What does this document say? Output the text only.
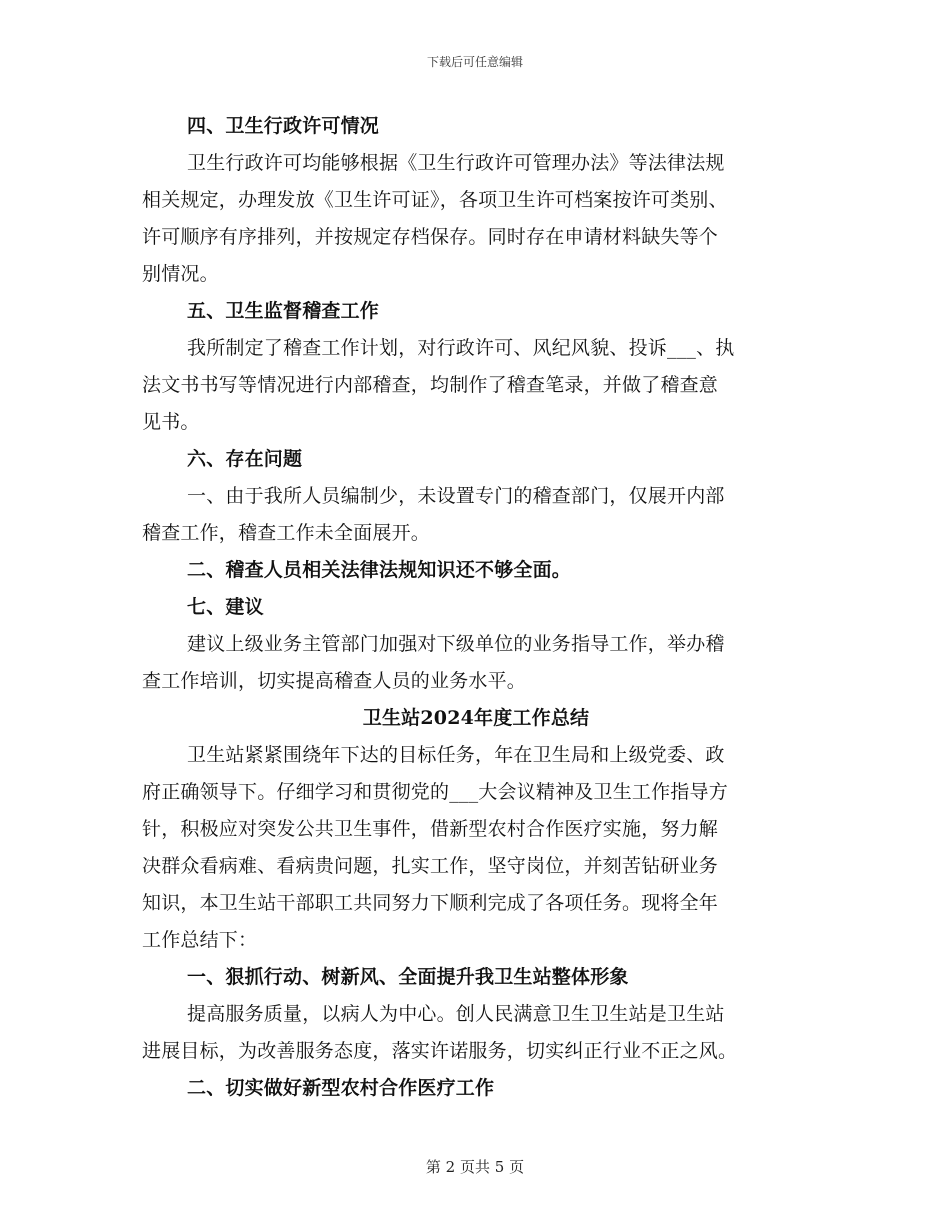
下载后可任意编辑
四、卫生行政许可情况
卫生行政许可均能够根据《卫生行政许可管理办法》等法律法规
相关规定，办理发放《卫生许可证》，各项卫生许可档案按许可类别、
许可顺序有序排列，并按规定存档保存。同时存在申请材料缺失等个
别情况。
五、卫生监督稽查工作
我所制定了稽查工作计划，对行政许可、风纪风貌、投诉___、执
法文书书写等情况进行内部稽查，均制作了稽查笔录，并做了稽查意
见书。
六、存在问题
一、由于我所人员编制少，未设置专门的稽查部门，仅展开内部
稽查工作，稽查工作未全面展开。
二、稽查人员相关法律法规知识还不够全面。
七、建议
建议上级业务主管部门加强对下级单位的业务指导工作，举办稽
查工作培训，切实提高稽查人员的业务水平。
卫生站2024年度工作总结
卫生站紧紧围绕年下达的目标任务，年在卫生局和上级党委、政
府正确领导下。仔细学习和贯彻党的___大会议精神及卫生工作指导方
针，积极应对突发公共卫生事件，借新型农村合作医疗实施，努力解
决群众看病难、看病贵问题，扎实工作，坚守岗位，并刻苦钻研业务
知识，本卫生站干部职工共同努力下顺利完成了各项任务。现将全年
工作总结下：
一、狠抓行动、树新风、全面提升我卫生站整体形象
提高服务质量，以病人为中心。创人民满意卫生卫生站是卫生站
进展目标，为改善服务态度，落实许诺服务，切实纠正行业不正之风。
二、切实做好新型农村合作医疗工作
第 2 页共 5 页
